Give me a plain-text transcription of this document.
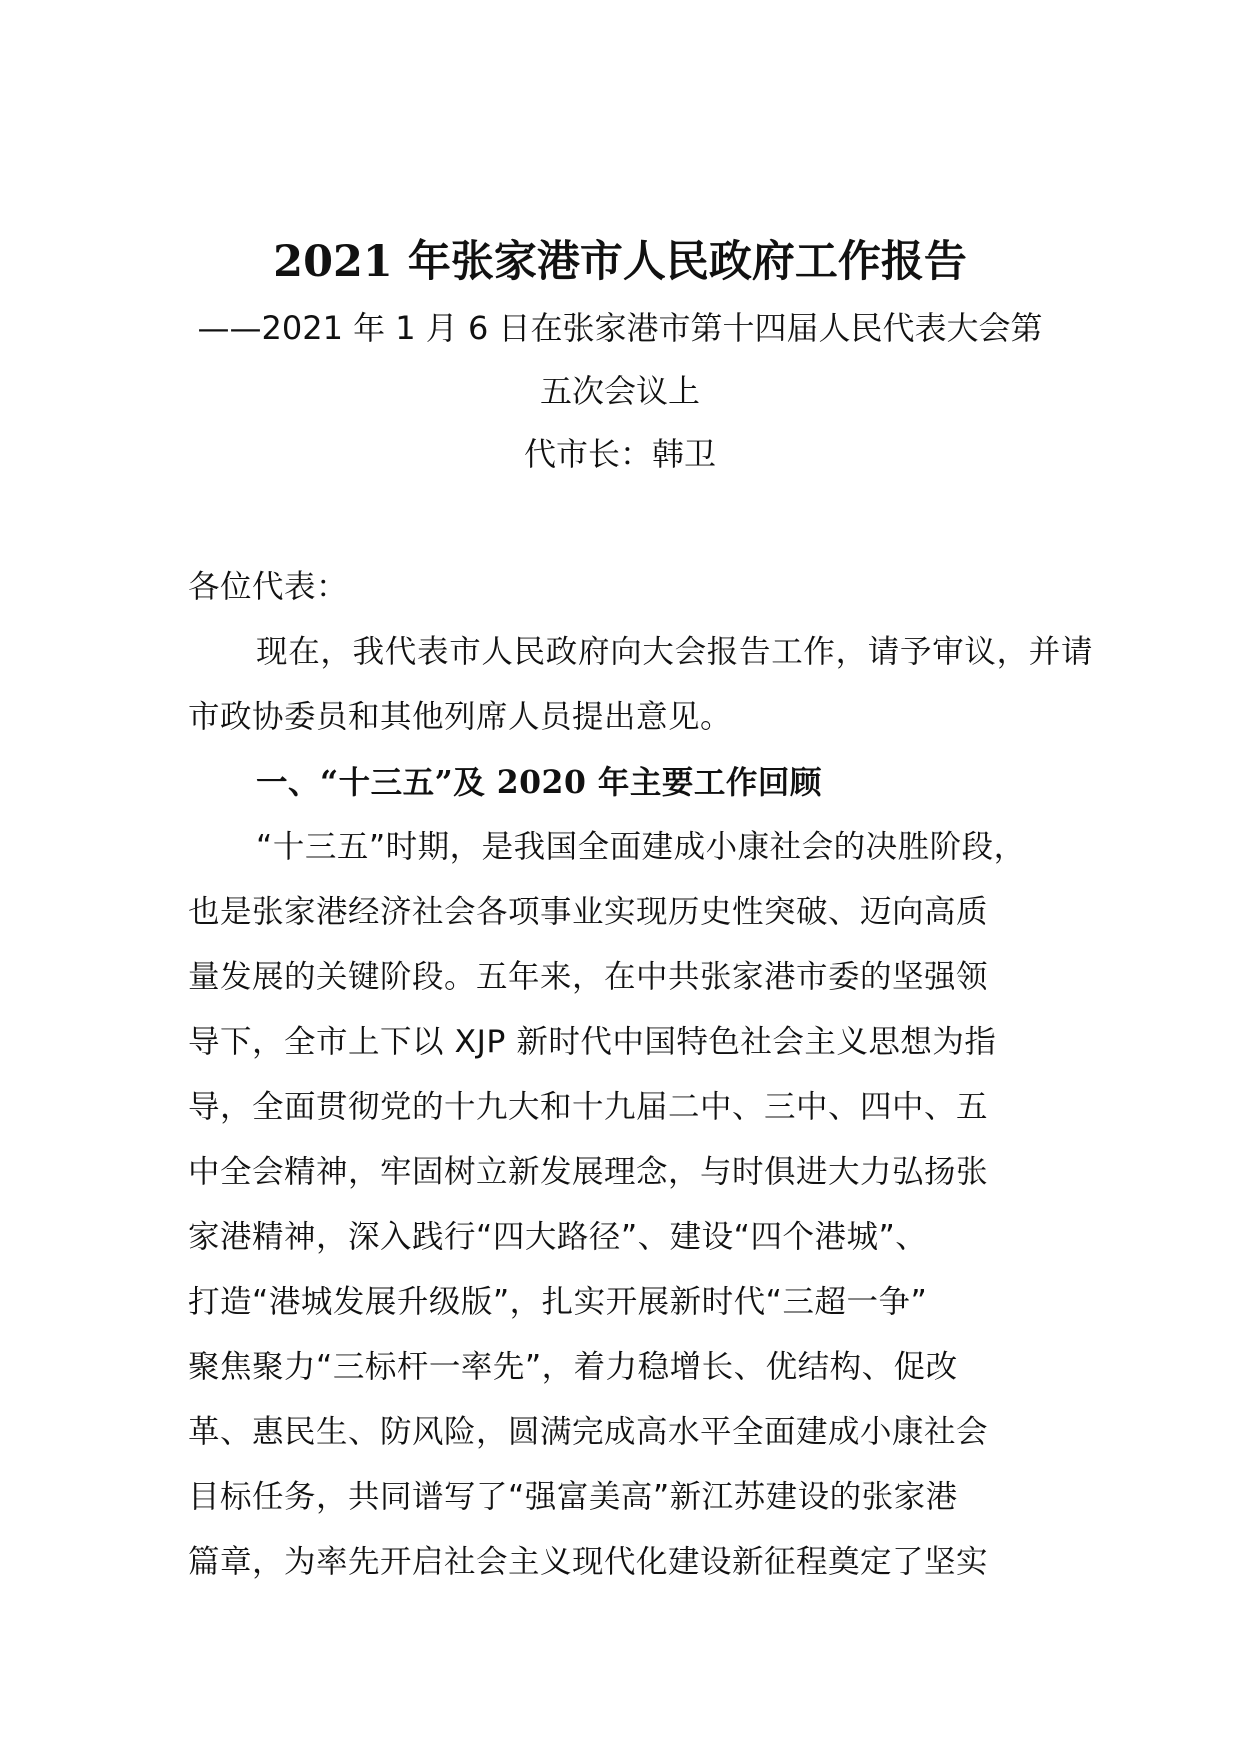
2021 年张家港市人民政府工作报告

——2021 年 1 月 6 日在张家港市第十四届人民代表大会第

五次会议上

代市长：韩卫

各位代表：

现在，我代表市人民政府向大会报告工作，请予审议，并请市政协委员和其他列席人员提出意见。

一、“十三五”及 2020 年主要工作回顾

“十三五”时期，是我国全面建成小康社会的决胜阶段，
也是张家港经济社会各项事业实现历史性突破、迈向高质
量发展的关键阶段。五年来，在中共张家港市委的坚强领
导下，全市上下以 XJP 新时代中国特色社会主义思想为指
导，全面贯彻党的十九大和十九届二中、三中、四中、五
中全会精神，牢固树立新发展理念，与时俱进大力弘扬张
家港精神，深入践行“四大路径”、建设“四个港城”、
打造“港城发展升级版”，扎实开展新时代“三超一争”
聚焦聚力“三标杆一率先”，着力稳增长、优结构、促改
革、惠民生、防风险，圆满完成高水平全面建成小康社会
目标任务，共同谱写了“强富美高”新江苏建设的张家港
篇章，为率先开启社会主义现代化建设新征程奠定了坚实
